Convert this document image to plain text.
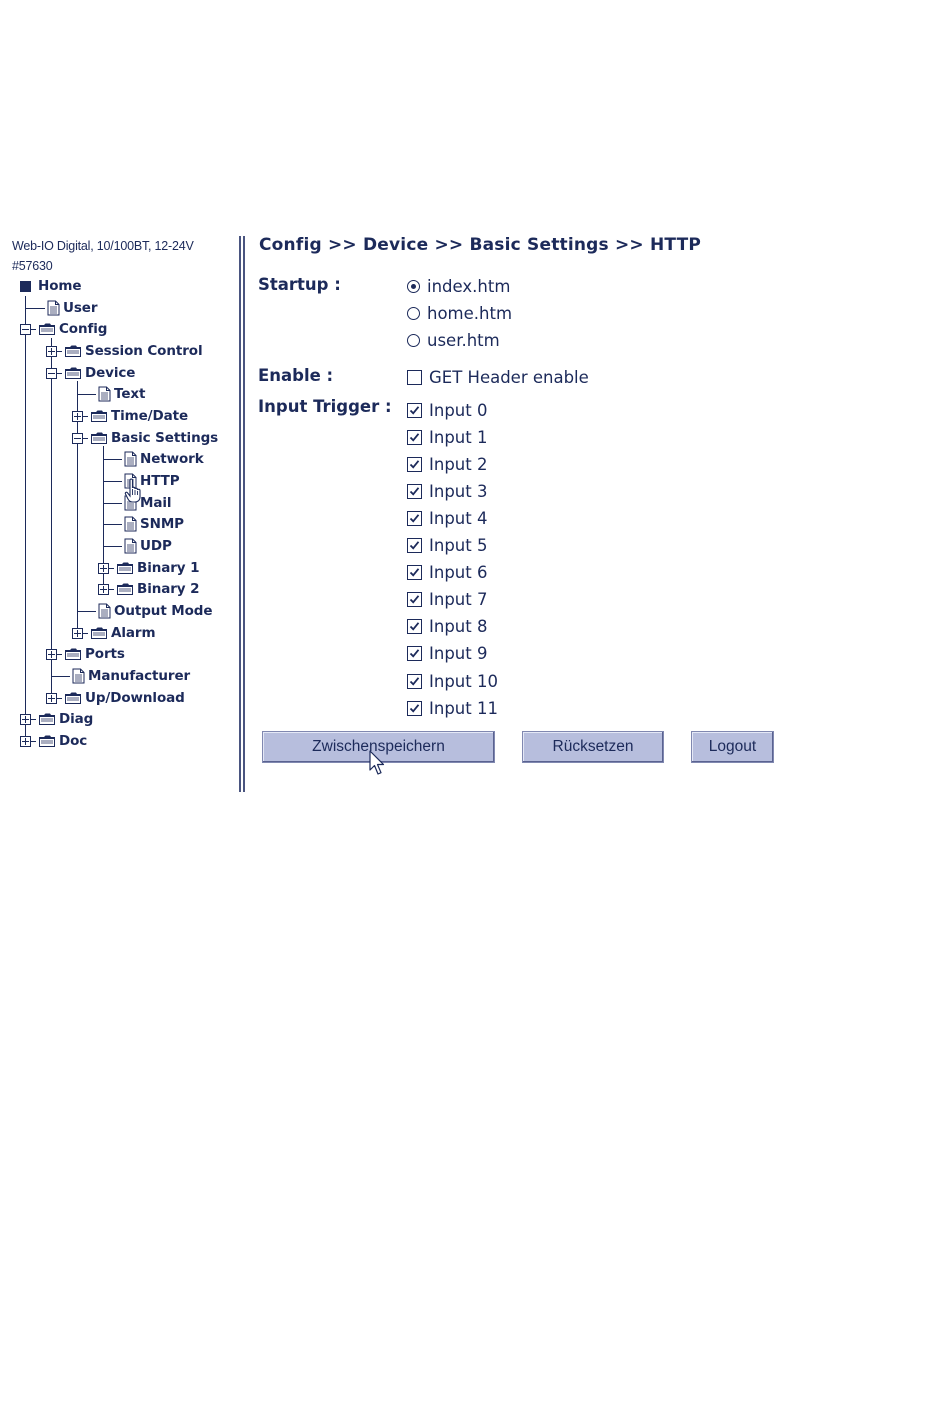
Web-IO Digital, 10/100BT, 12-24V
#57630
Home
User
Config
Session Control
Device
Text
Time/Date
Basic Settings
Network
HTTP
Mail
SNMP
UDP
Binary 1
Binary 2
Output Mode
Alarm
Ports
Manufacturer
Up/Download
Diag
Doc
Config >> Device >> Basic Settings >> HTTP
Startup :	index.htm
home.htm
user.htm
Enable :	GET Header enable
Input Trigger : Input 0
Input 1
Input 2
Input 3
Input 4
Input 5
Input 6
Input 7
Input 8
Input 9
Input 10
Input 11
Zwischenspeichern	Rücksetzen	Logout
